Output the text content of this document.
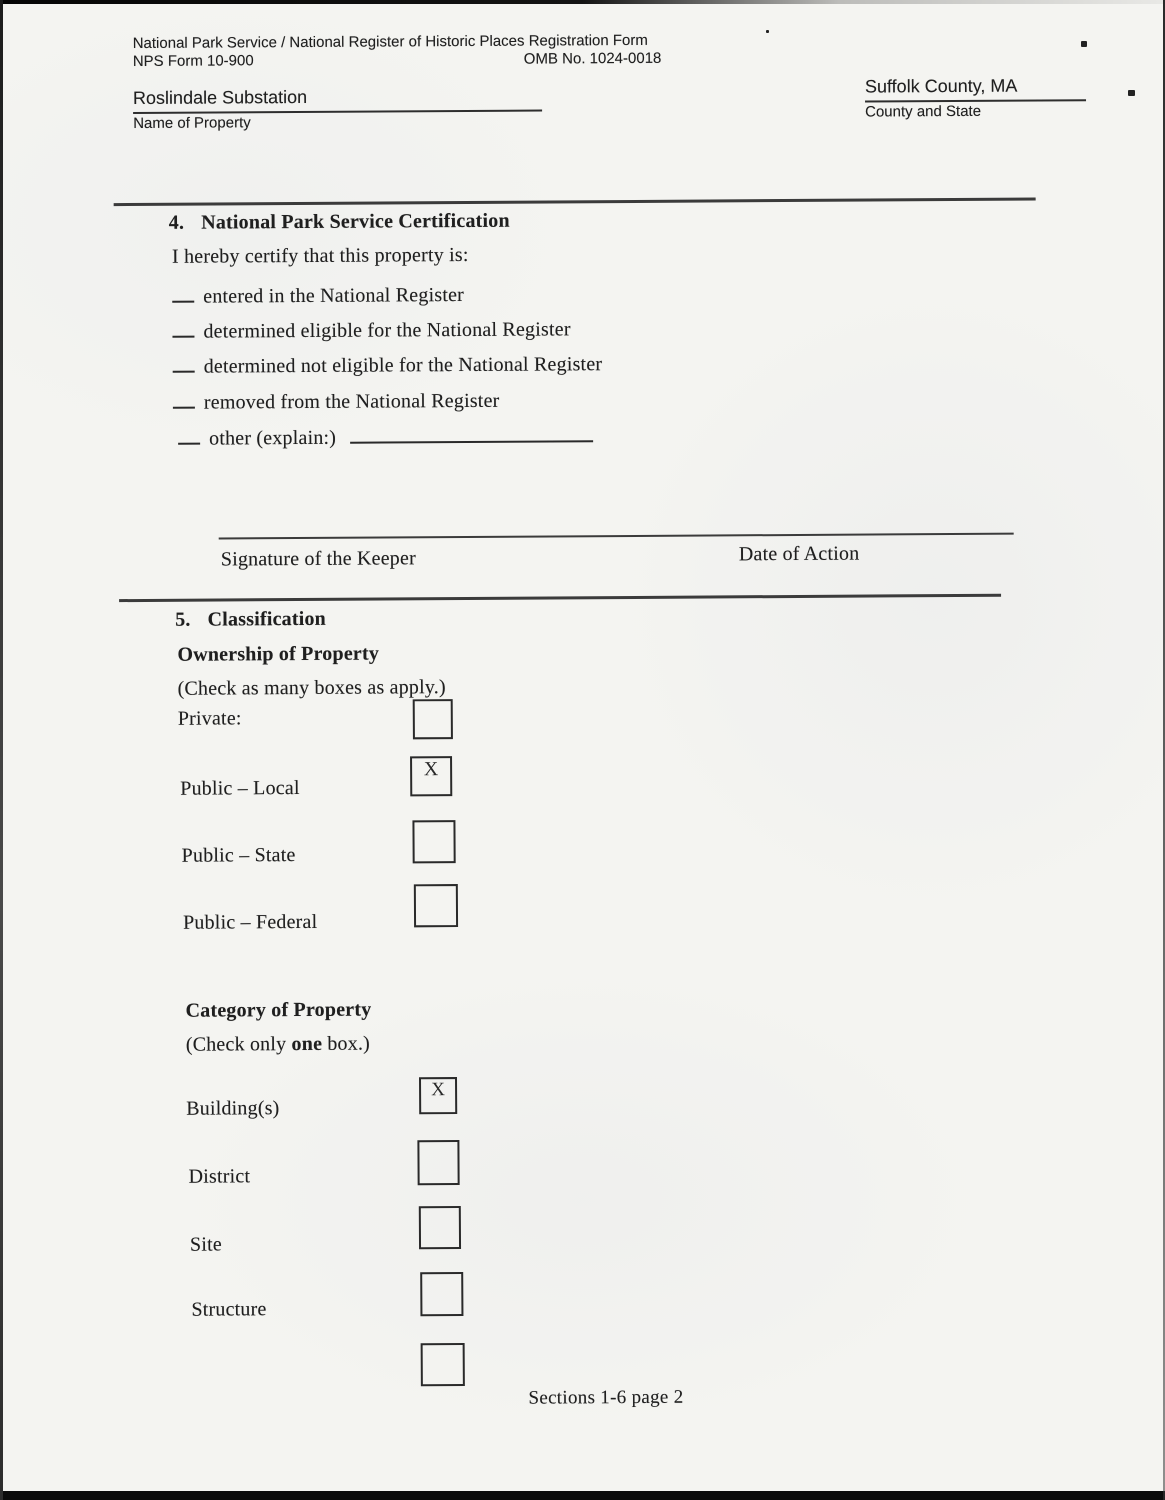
National Park Service / National Register of Historic Places Registration Form
NPS Form 10-900	OMB No. 1024-0018
Roslindale Substation
Name of Property
Suffolk County, MA
County and State
4. National Park Service Certification
I hereby certify that this property is:
entered in the National Register
determined eligible for the National Register
determined not eligible for the National Register
removed from the National Register
other (explain:)
Signature of the Keeper	Date of Action
5. Classification
Ownership of Property
(Check as many boxes as apply.)
Private:
Public – Local
X
Public – State
Public – Federal
Category of Property
(Check only one box.)
Building(s)
X
District
Site
Structure
Sections 1-6 page 2
